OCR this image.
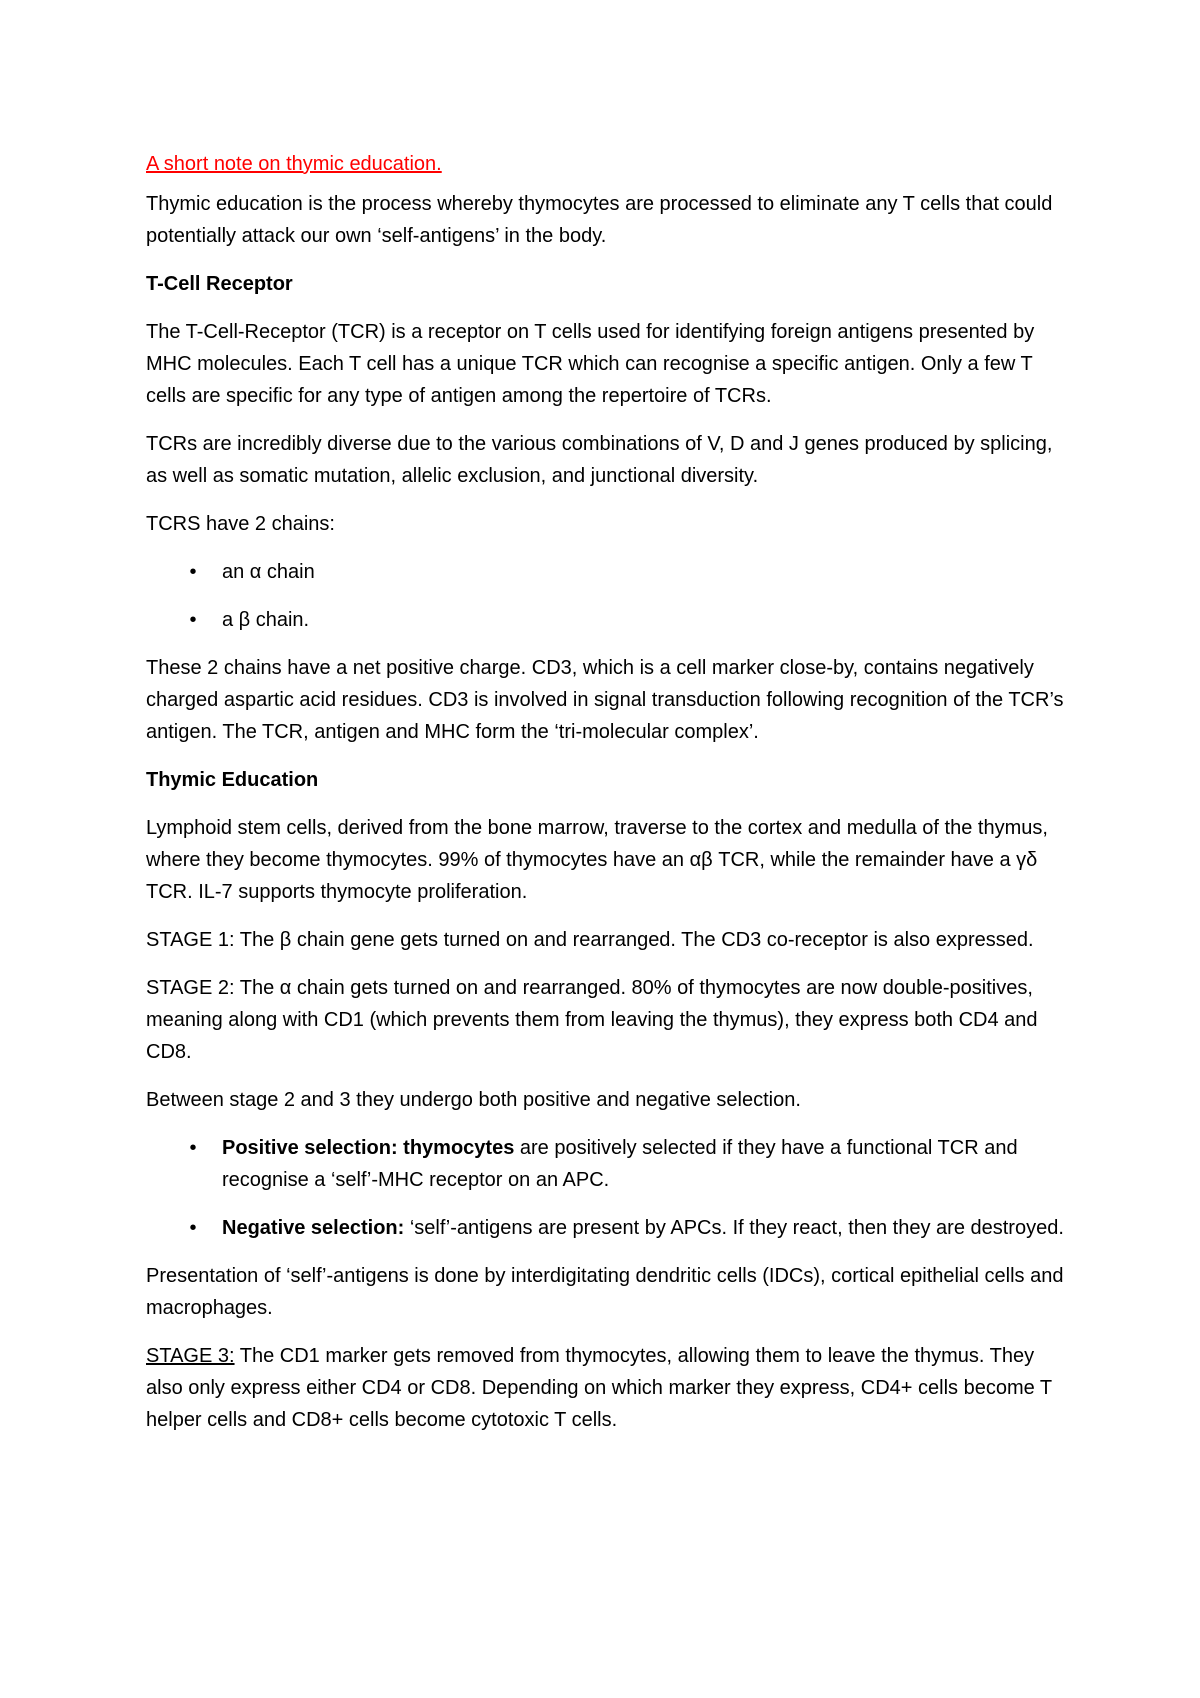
A short note on thymic education.

Thymic education is the process whereby thymocytes are processed to eliminate any T cells that could potentially attack our own ‘self-antigens’ in the body.

T-Cell Receptor

The T-Cell-Receptor (TCR) is a receptor on T cells used for identifying foreign antigens presented by MHC molecules. Each T cell has a unique TCR which can recognise a specific antigen. Only a few T cells are specific for any type of antigen among the repertoire of TCRs.

TCRs are incredibly diverse due to the various combinations of V, D and J genes produced by splicing, as well as somatic mutation, allelic exclusion, and junctional diversity.

TCRS have 2 chains:

• an α chain
• a β chain.

These 2 chains have a net positive charge. CD3, which is a cell marker close-by, contains negatively charged aspartic acid residues. CD3 is involved in signal transduction following recognition of the TCR’s antigen. The TCR, antigen and MHC form the ‘tri-molecular complex’.

Thymic Education

Lymphoid stem cells, derived from the bone marrow, traverse to the cortex and medulla of the thymus, where they become thymocytes. 99% of thymocytes have an αβ TCR, while the remainder have a γδ TCR. IL-7 supports thymocyte proliferation.

STAGE 1: The β chain gene gets turned on and rearranged. The CD3 co-receptor is also expressed.

STAGE 2: The α chain gets turned on and rearranged. 80% of thymocytes are now double-positives, meaning along with CD1 (which prevents them from leaving the thymus), they express both CD4 and CD8.

Between stage 2 and 3 they undergo both positive and negative selection.

• Positive selection: thymocytes are positively selected if they have a functional TCR and recognise a ‘self’-MHC receptor on an APC.
• Negative selection: ‘self’-antigens are present by APCs. If they react, then they are destroyed.

Presentation of ‘self’-antigens is done by interdigitating dendritic cells (IDCs), cortical epithelial cells and macrophages.

STAGE 3: The CD1 marker gets removed from thymocytes, allowing them to leave the thymus. They also only express either CD4 or CD8. Depending on which marker they express, CD4+ cells become T helper cells and CD8+ cells become cytotoxic T cells.
